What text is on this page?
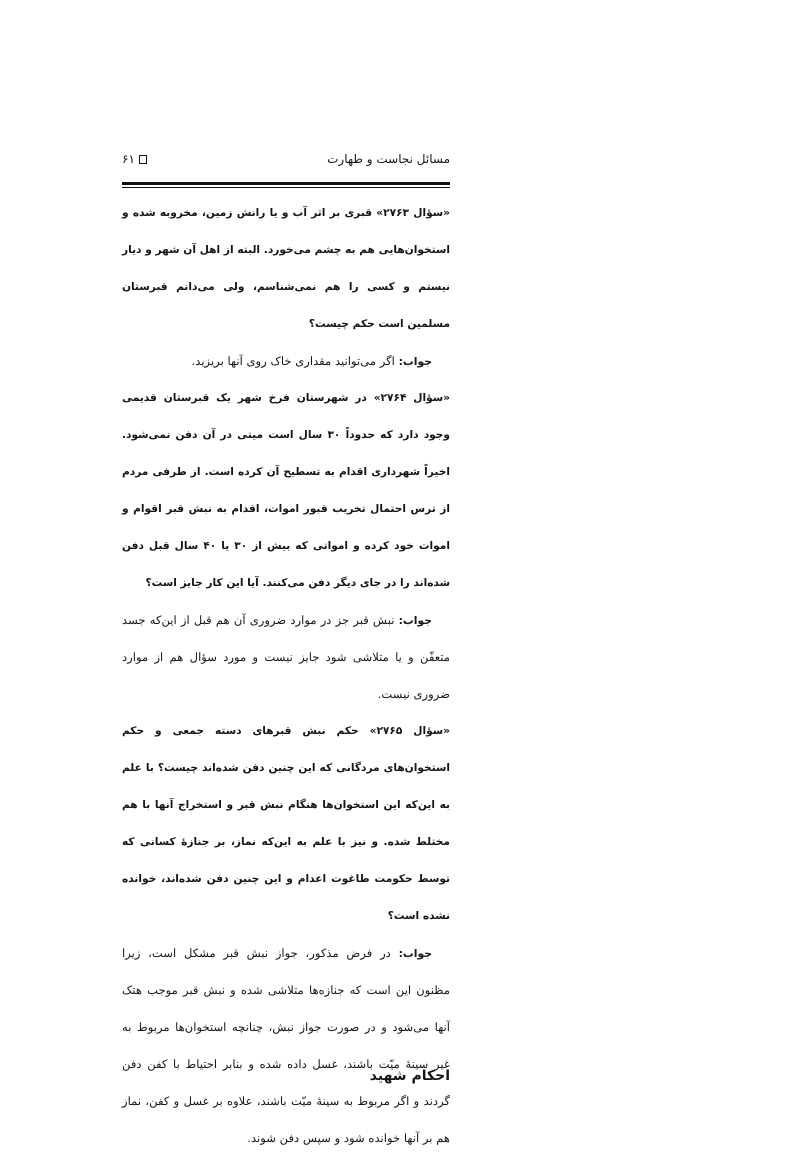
مسائل نجاست و طهارت
۶۱

«سؤال ۲۷۶۳» قبری بر اثر آب و یا رانش زمین، مخروبه شده و استخوان‌هایی هم به چشم می‌خورد. البته از اهل آن شهر و دیار نیستم و کسی را هم نمی‌شناسم، ولی می‌دانم قبرستان مسلمین است حکم چیست؟

جواب: اگر می‌توانید مقداری خاک روی آنها بریزید.

«سؤال ۲۷۶۴» در شهرستان فرخ شهر یک قبرستان قدیمی وجود دارد که حدوداً ۳۰ سال است میتی در آن دفن نمی‌شود. اخیراً شهرداری اقدام به تسطیح آن کرده است. از طرفی مردم از ترس احتمال تخریب قبور اموات، اقدام به نبش قبر اقوام و اموات خود کرده و امواتی که بیش از ۳۰ یا ۴۰ سال قبل دفن شده‌اند را در جای دیگر دفن می‌کنند. آیا این کار جایز است؟

جواب: نبش قبر جز در موارد ضروری آن هم قبل از این‌که جسد متعفّن و یا متلاشی شود جایز نیست و مورد سؤال هم از موارد ضروری نیست.

«سؤال ۲۷۶۵» حکم نبش قبرهای دسته جمعی و حکم استخوان‌های مردگانی که این چنین دفن شده‌اند چیست؟ با علم به این‌که این استخوان‌ها هنگام نبش قبر و استخراج آنها با هم مختلط شده. و نیز با علم به این‌که نماز، بر جنازهٔ کسانی که توسط حکومت طاغوت اعدام و این چنین دفن شده‌اند، خوانده نشده است؟

جواب: در فرض مذکور، جواز نبش قبر مشکل است، زیرا مظنون این است که جنازه‌ها متلاشی شده و نبش قبر موجب هتک آنها می‌شود و در صورت جواز نبش، چنانچه استخوان‌ها مربوط به غیر سینهٔ میّت باشند، غسل داده شده و بنابر احتیاط با کفن دفن گردند و اگر مربوط به سینهٔ میّت باشند، علاوه بر غسل و کفن، نماز هم بر آنها خوانده شود و سپس دفن شوند.

احکام شهید
